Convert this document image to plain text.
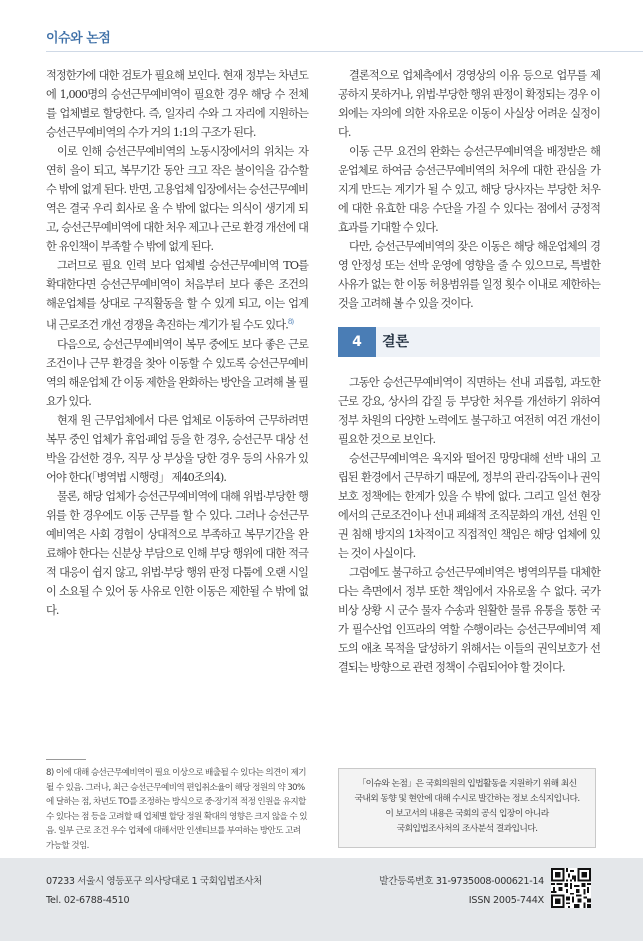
이슈와 논점

적정한가에 대한 검토가 필요해 보인다. 현재 정부는 차년도에 1,000명의 승선근무예비역이 필요한 경우 해당 수 전체를 업체별로 할당한다. 즉, 일자리 수와 그 자리에 지원하는 승선근무예비역의 수가 거의 1:1의 구조가 된다.

이로 인해 승선근무예비역의 노동시장에서의 위치는 자연히 을이 되고, 복무기간 동안 크고 작은 불이익을 감수할 수 밖에 없게 된다. 반면, 고용업체 입장에서는 승선근무예비역은 결국 우리 회사로 올 수 밖에 없다는 의식이 생기게 되고, 승선근무예비역에 대한 처우 제고나 근로 환경 개선에 대한 유인책이 부족할 수 밖에 없게 된다.

그러므로 필요 인력 보다 업체별 승선근무예비역 TO를 확대한다면 승선근무예비역이 처음부터 보다 좋은 조건의 해운업체를 상대로 구직활동을 할 수 있게 되고, 이는 업계 내 근로조건 개선 경쟁을 촉진하는 계기가 될 수도 있다.$^{8)}$

다음으로, 승선근무예비역이 복무 중에도 보다 좋은 근로 조건이나 근무 환경을 찾아 이동할 수 있도록 승선근무예비역의 해운업체 간 이동 제한을 완화하는 방안을 고려해 볼 필요가 있다.

현재 원 근무업체에서 다른 업체로 이동하여 근무하려면 복무 중인 업체가 휴업·폐업 등을 한 경우, 승선근무 대상 선박을 감선한 경우, 직무 상 부상을 당한 경우 등의 사유가 있어야 한다(「병역법 시행령」 제40조의4).

물론, 해당 업체가 승선근무예비역에 대해 위법·부당한 행위를 한 경우에도 이동 근무를 할 수 있다. 그러나 승선근무예비역은 사회 경험이 상대적으로 부족하고 복무기간을 완료해야 한다는 신분상 부담으로 인해 부당 행위에 대한 적극적 대응이 쉽지 않고, 위법·부당 행위 판정 다툼에 오랜 시일이 소요될 수 있어 동 사유로 인한 이동은 제한될 수 밖에 없다.

결론적으로 업체측에서 경영상의 이유 등으로 업무를 제공하지 못하거나, 위법·부당한 행위 판정이 확정되는 경우 이외에는 자의에 의한 자유로운 이동이 사실상 어려운 실정이다.

이동 근무 요건의 완화는 승선근무예비역을 배정받은 해운업체로 하여금 승선근무예비역의 처우에 대한 관심을 가지게 만드는 계기가 될 수 있고, 해당 당사자는 부당한 처우에 대한 유효한 대응 수단을 가질 수 있다는 점에서 긍정적 효과를 기대할 수 있다.

다만, 승선근무예비역의 잦은 이동은 해당 해운업체의 경영 안정성 또는 선박 운영에 영향을 줄 수 있으므로, 특별한 사유가 없는 한 이동 허용범위를 일정 횟수 이내로 제한하는 것을 고려해 볼 수 있을 것이다.

4	결론

그동안 승선근무예비역이 직면하는 선내 괴롭힘, 과도한 근로 강요, 상사의 갑질 등 부당한 처우를 개선하기 위하여 정부 차원의 다양한 노력에도 불구하고 여전히 여건 개선이 필요한 것으로 보인다.

승선근무예비역은 육지와 떨어진 망망대해 선박 내의 고립된 환경에서 근무하기 때문에, 정부의 관리·감독이나 권익보호 정책에는 한계가 있을 수 밖에 없다. 그리고 일선 현장에서의 근로조건이나 선내 폐쇄적 조직문화의 개선, 선원 인권 침해 방지의 1차적이고 직접적인 책임은 해당 업체에 있는 것이 사실이다.

그럼에도 불구하고 승선근무예비역은 병역의무를 대체한다는 측면에서 정부 또한 책임에서 자유로울 수 없다. 국가 비상 상황 시 군수 물자 수송과 원활한 물류 유통을 통한 국가 필수산업 인프라의 역할 수행이라는 승선근무예비역 제도의 애초 목적을 달성하기 위해서는 이들의 권익보호가 선결되는 방향으로 관련 정책이 수립되어야 할 것이다.

8) 이에 대해 승선근무예비역이 필요 이상으로 배출될 수 있다는 의견이 제기될 수 있음. 그러나, 최근 승선근무예비역 편입취소율이 해당 정원의 약 30%에 달하는 점, 차년도 TO를 조정하는 방식으로 중·장기적 적정 인원을 유지할 수 있다는 점 등을 고려할 때 업체별 할당 정원 확대의 영향은 크지 않을 수 있음. 일부 근로 조건 우수 업체에 대해서만 인센티브를 부여하는 방안도 고려 가능할 것임.
「이슈와 논점」은 국회의원의 입법활동을 지원하기 위해 최신
국내외 동향 및 현안에 대해 수시로 발간하는 정보 소식지입니다.
이 보고서의 내용은 국회의 공식 입장이 아니라
국회입법조사처의 조사분석 결과입니다.
07233 서울시 영등포구 의사당대로 1 국회입법조사처
Tel. 02-6788-4510
발간등록번호 31-9735008-000621-14
ISSN 2005-744X
